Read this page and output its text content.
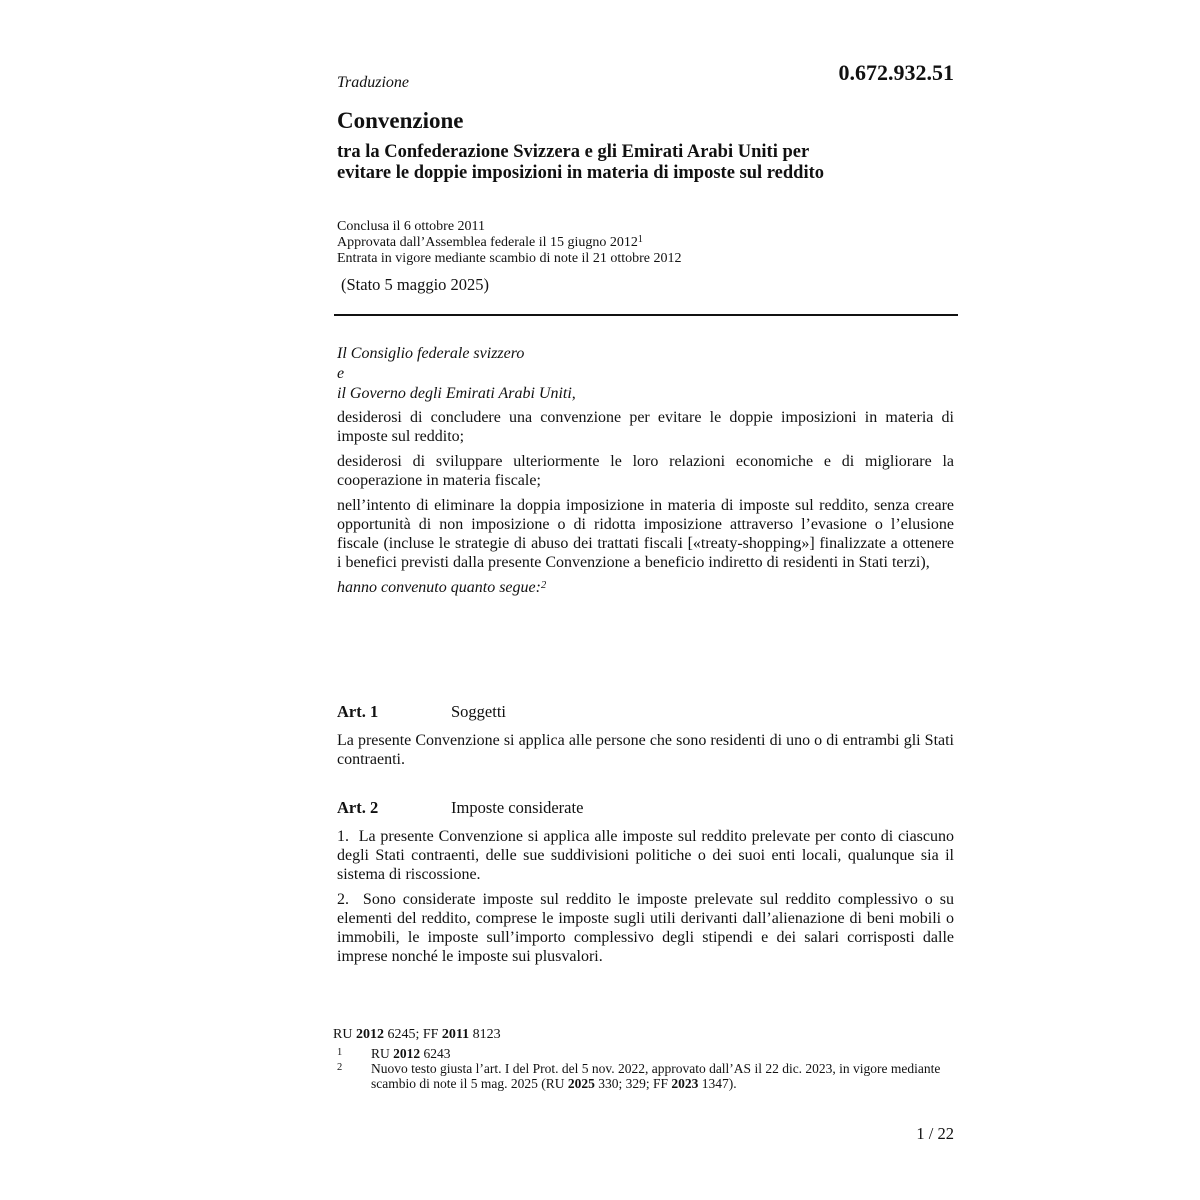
Traduzione	0.672.932.51
Convenzione
tra la Confederazione Svizzera e gli Emirati Arabi Uniti per
evitare le doppie imposizioni in materia di imposte sul reddito
Conclusa il 6 ottobre 2011
Approvata dall’Assemblea federale il 15 giugno 2012$^1$
Entrata in vigore mediante scambio di note il 21 ottobre 2012
(Stato 5 maggio 2025)
Il Consiglio federale svizzero
e
il Governo degli Emirati Arabi Uniti,

desiderosi di concludere una convenzione per evitare le doppie imposizioni in materia di imposte sul reddito;

desiderosi di sviluppare ulteriormente le loro relazioni economiche e di migliorare la cooperazione in materia fiscale;

nell’intento di eliminare la doppia imposizione in materia di imposte sul reddito, senza creare opportunità di non imposizione o di ridotta imposizione attraverso l’evasione o l’elusione fiscale (incluse le strategie di abuso dei trattati fiscali [«treaty-shopping»] finalizzate a ottenere i benefici previsti dalla presente Convenzione a beneficio indiretto di residenti in Stati terzi),

hanno convenuto quanto segue:$^2$
Art. 1	Soggetti

La presente Convenzione si applica alle persone che sono residenti di uno o di entrambi gli Stati contraenti.

Art. 2	Imposte considerate

1.  La presente Convenzione si applica alle imposte sul reddito prelevate per conto di ciascuno degli Stati contraenti, delle sue suddivisioni politiche o dei suoi enti locali, qualunque sia il sistema di riscossione.

2.  Sono considerate imposte sul reddito le imposte prelevate sul reddito complessivo o su elementi del reddito, comprese le imposte sugli utili derivanti dall’alienazione di beni mobili o immobili, le imposte sull’importo complessivo degli stipendi e dei salari corrisposti dalle imprese nonché le imposte sui plusvalori.

RU 2012 6245; FF 2011 8123
1	RU 2012 6243
2	Nuovo testo giusta l’art. I del Prot. del 5 nov. 2022, approvato dall’AS il 22 dic. 2023, in vigore mediante scambio di note il 5 mag. 2025 (RU 2025 330; 329; FF 2023 1347).
1 / 22
